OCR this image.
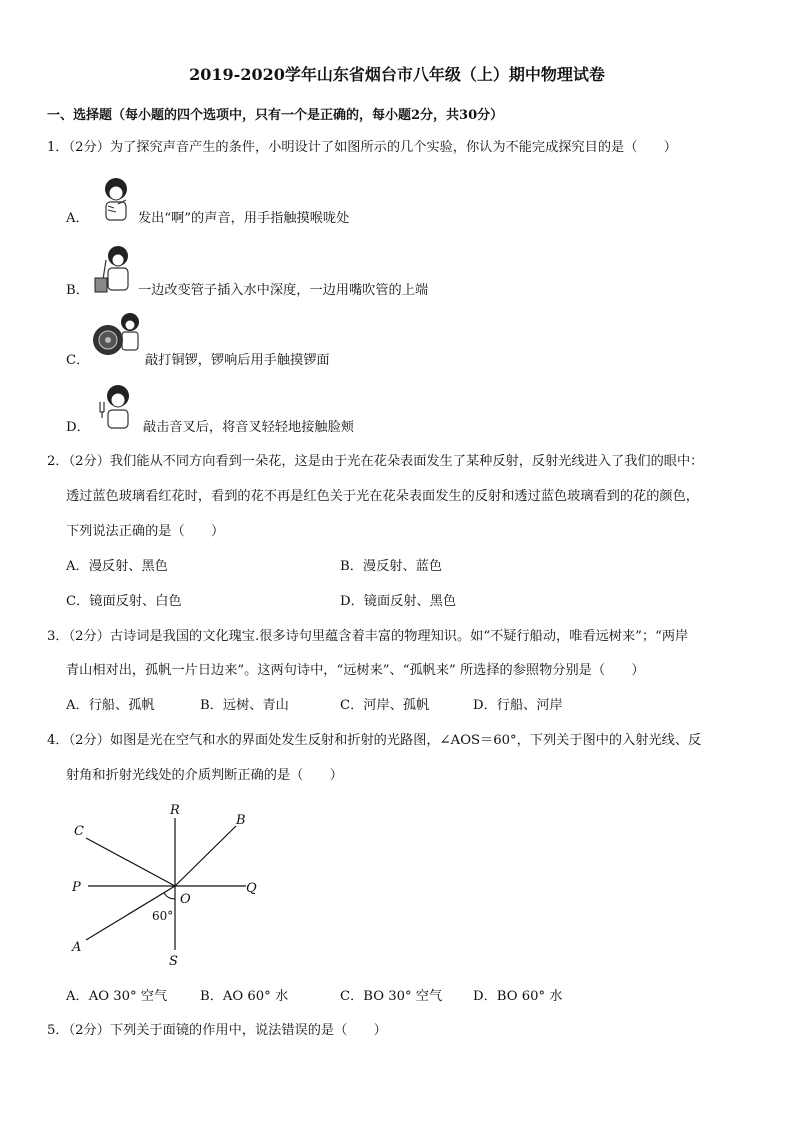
2019-2020学年山东省烟台市八年级（上）期中物理试卷
一、选择题（每小题的四个选项中，只有一个是正确的，每小题2分，共30分）
1．（2分）为了探究声音产生的条件，小明设计了如图所示的几个实验，你认为不能完成探究目的是（　　）
A．	发出“啊”的声音，用手指触摸喉咙处
B．	一边改变管子插入水中深度，一边用嘴吹管的上端
C．	敲打铜锣，锣响后用手触摸锣面
D．	敲击音叉后，将音叉轻轻地接触脸颊
2．（2分）我们能从不同方向看到一朵花，这是由于光在花朵表面发生了某种反射，反射光线进入了我们的眼中：
透过蓝色玻璃看红花时，看到的花不再是红色关于光在花朵表面发生的反射和透过蓝色玻璃看到的花的颜色，
下列说法正确的是（　　）
A．漫反射、黑色	B．漫反射、蓝色
C．镜面反射、白色	D．镜面反射、黑色
3．（2分）古诗词是我国的文化瑰宝.很多诗句里蕴含着丰富的物理知识。如“不疑行船动，唯看远树来”；“两岸
青山相对出，孤帆一片日边来”。这两句诗中，“远树来”、“孤帆来” 所选择的参照物分别是（　　）
A．行船、孤帆	B．远树、青山	C．河岸、孤帆	D．行船、河岸
4．（2分）如图是光在空气和水的界面处发生反射和折射的光路图，∠AOS＝60°，下列关于图中的入射光线、反
射角和折射光线处的介质判断正确的是（　　）
R
B
C
P	Q
O
A
S
60°
A．AO 30° 空气 B．AO 60° 水	C．BO 30° 空气 D．BO 60° 水
5．（2分）下列关于面镜的作用中，说法错误的是（　　）
